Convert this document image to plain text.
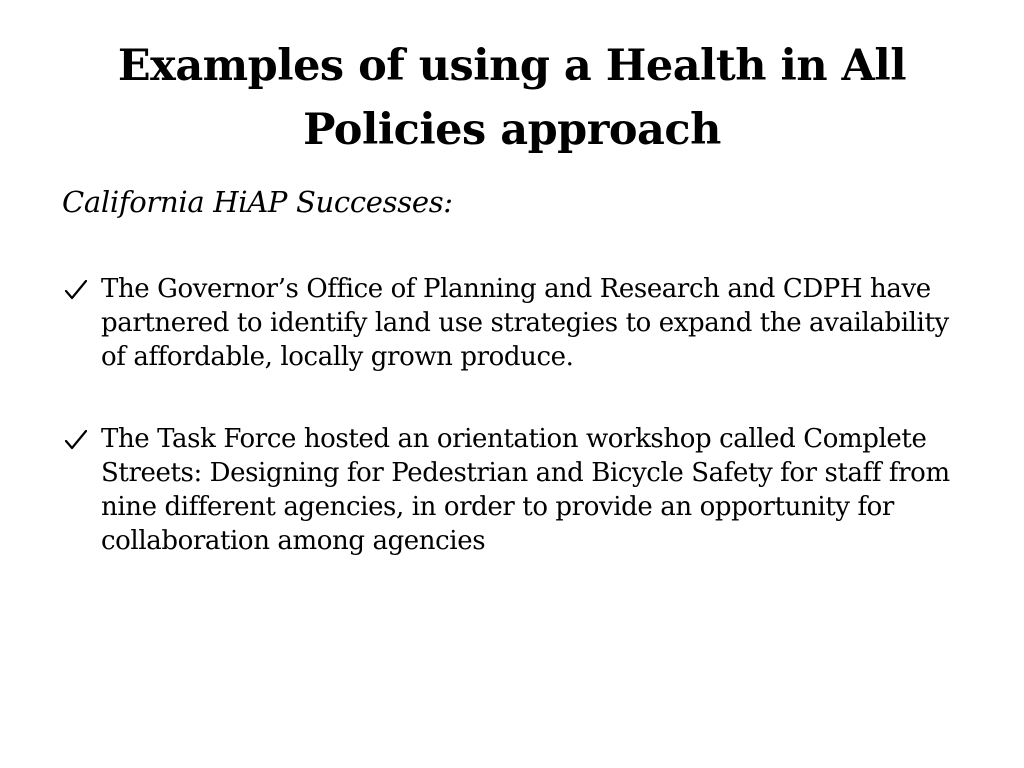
Examples of using a Health in All Policies approach

California HiAP Successes:

The Governor’s Office of Planning and Research and CDPH have partnered to identify land use strategies to expand the availability of affordable, locally grown produce.
The Task Force hosted an orientation workshop called Complete Streets: Designing for Pedestrian and Bicycle Safety for staff from nine different agencies, in order to provide an opportunity for collaboration among agencies
